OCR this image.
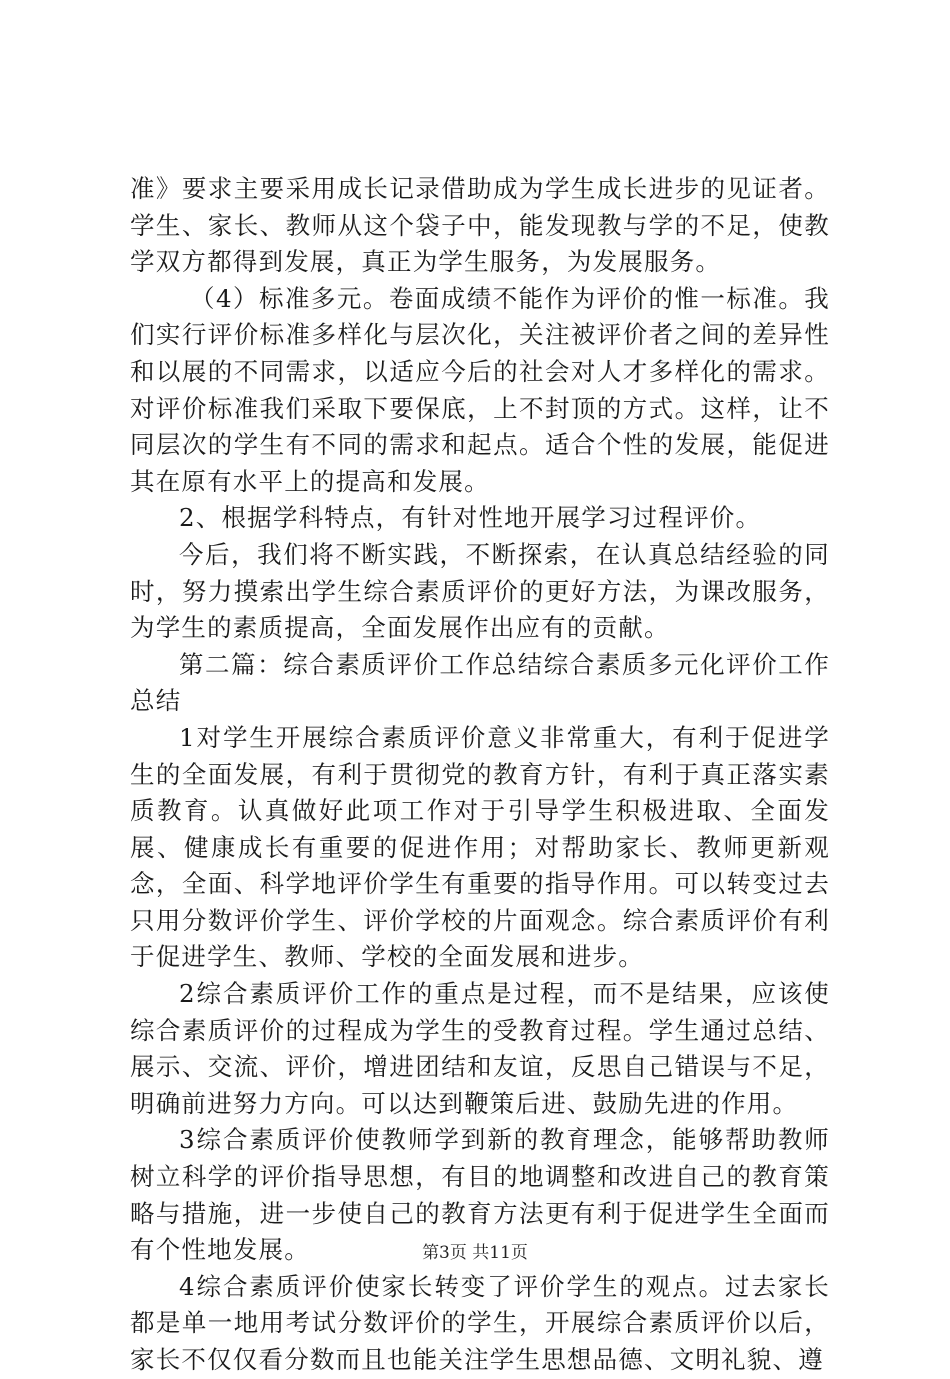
准》要求主要采用成长记录借助成为学生成长进步的见证者。学生、家长、教师从这个袋子中，能发现教与学的不足，使教学双方都得到发展，真正为学生服务，为发展服务。

（4）标准多元。卷面成绩不能作为评价的惟一标准。我们实行评价标准多样化与层次化，关注被评价者之间的差异性和以展的不同需求，以适应今后的社会对人才多样化的需求。对评价标准我们采取下要保底，上不封顶的方式。这样，让不同层次的学生有不同的需求和起点。适合个性的发展，能促进其在原有水平上的提高和发展。

2、根据学科特点，有针对性地开展学习过程评价。

今后，我们将不断实践，不断探索，在认真总结经验的同时，努力摸索出学生综合素质评价的更好方法，为课改服务，为学生的素质提高，全面发展作出应有的贡献。

第二篇：综合素质评价工作总结综合素质多元化评价工作总结

1对学生开展综合素质评价意义非常重大，有利于促进学生的全面发展，有利于贯彻党的教育方针，有利于真正落实素质教育。认真做好此项工作对于引导学生积极进取、全面发展、健康成长有重要的促进作用；对帮助家长、教师更新观念，全面、科学地评价学生有重要的指导作用。可以转变过去只用分数评价学生、评价学校的片面观念。综合素质评价有利于促进学生、教师、学校的全面发展和进步。

2综合素质评价工作的重点是过程，而不是结果，应该使综合素质评价的过程成为学生的受教育过程。学生通过总结、展示、交流、评价，增进团结和友谊，反思自己错误与不足，明确前进努力方向。可以达到鞭策后进、鼓励先进的作用。

3综合素质评价使教师学到新的教育理念，能够帮助教师树立科学的评价指导思想，有目的地调整和改进自己的教育策略与措施，进一步使自己的教育方法更有利于促进学生全面而有个性地发展。

4综合素质评价使家长转变了评价学生的观点。过去家长都是单一地用考试分数评价的学生，开展综合素质评价以后，家长不仅仅看分数而且也能关注学生思想品德、文明礼貌、遵

第3页 共11页
